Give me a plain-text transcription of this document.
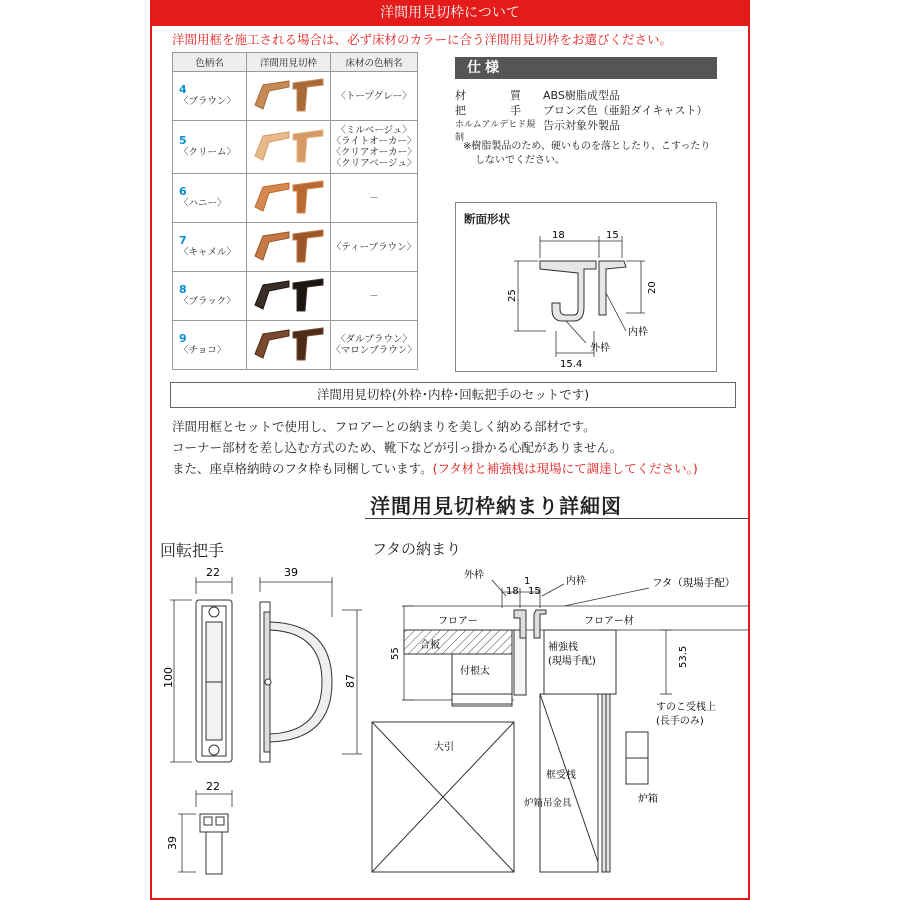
洋間用見切枠について
洋間用框を施工される場合は、必ず床材のカラーに合う洋間用見切枠をお選びください。
色柄名	洋間用見切枠	床材の色柄名

4
〈ブラウン〉		〈トープグレー〉

5
〈クリーム〉		〈ミルベージュ〉
〈ライトオーカー〉
〈クリアオーカー〉
〈クリアベージュ〉

6
〈ハニー〉		－

7
〈キャメル〉		〈ティーブラウン〉

8
〈ブラック〉		－

9
〈チョコ〉		〈ダルブラウン〉
〈マロンブラウン〉
仕様
材　　　　質	ABS樹脂成型品
把　　　　手	ブロンズ色（亜鉛ダイキャスト）
ホルムアルデヒド規制
告示対象外製品
※樹脂製品のため、硬いものを落としたり、こすったり
しないでください。
断面形状
18	15
25
20
15.4
内枠
外枠
洋間用見切枠(外枠･内枠･回転把手のセットです)
洋間用框とセットで使用し、フロアーとの納まりを美しく納める部材です。
コーナー部材を差し込む方式のため、靴下などが引っ掛かる心配がありません。
また、座卓格納時のフタ枠も同梱しています。(フタ材と補強桟は現場にて調達してください。)
洋間用見切枠納まり詳細図
回転把手	フタの納まり
22	39
100	87
22
39
外枠
内枠
18
1
15
フタ（現場手配）
フロアー	フロアー材
合板	補強桟
(現場手配)
55	53.5
付根太
大引
框受桟
炉箱吊金具
すのこ受桟上
(長手のみ)
炉箱
